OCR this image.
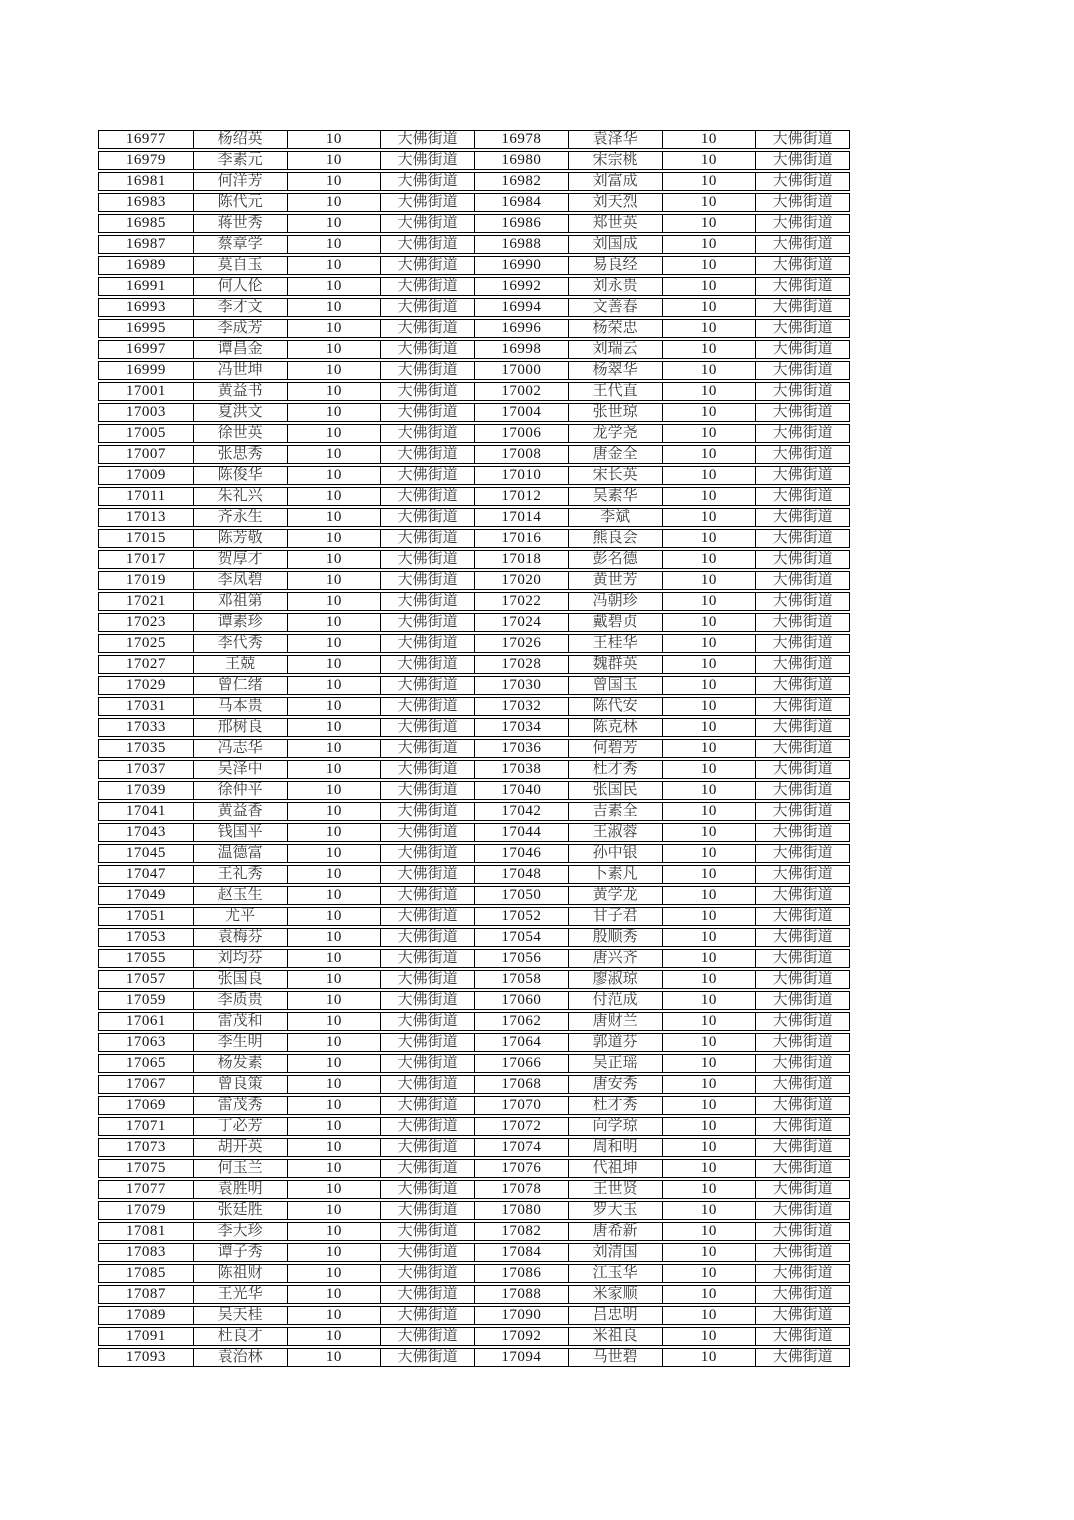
16977	杨绍英	10	大佛街道	16978	袁泽华	10	大佛街道
16979	李素元	10	大佛街道	16980	宋宗桃	10	大佛街道
16981	何洋芳	10	大佛街道	16982	刘富成	10	大佛街道
16983	陈代元	10	大佛街道	16984	刘天烈	10	大佛街道
16985	蒋世秀	10	大佛街道	16986	郑世英	10	大佛街道
16987	蔡章学	10	大佛街道	16988	刘国成	10	大佛街道
16989	莫自玉	10	大佛街道	16990	易良经	10	大佛街道
16991	何人伦	10	大佛街道	16992	刘永贵	10	大佛街道
16993	李才文	10	大佛街道	16994	文善春	10	大佛街道
16995	李成芳	10	大佛街道	16996	杨荣忠	10	大佛街道
16997	谭昌金	10	大佛街道	16998	刘瑞云	10	大佛街道
16999	冯世坤	10	大佛街道	17000	杨翠华	10	大佛街道
17001	黄益书	10	大佛街道	17002	王代直	10	大佛街道
17003	夏洪文	10	大佛街道	17004	张世琼	10	大佛街道
17005	徐世英	10	大佛街道	17006	龙学尧	10	大佛街道
17007	张思秀	10	大佛街道	17008	唐金全	10	大佛街道
17009	陈俊华	10	大佛街道	17010	宋长英	10	大佛街道
17011	朱礼兴	10	大佛街道	17012	吴素华	10	大佛街道
17013	齐永生	10	大佛街道	17014	李斌	10	大佛街道
17015	陈芳敬	10	大佛街道	17016	熊良会	10	大佛街道
17017	贺厚才	10	大佛街道	17018	彭名德	10	大佛街道
17019	李凤碧	10	大佛街道	17020	黄世芳	10	大佛街道
17021	邓祖第	10	大佛街道	17022	冯朝珍	10	大佛街道
17023	谭素珍	10	大佛街道	17024	戴碧贞	10	大佛街道
17025	李代秀	10	大佛街道	17026	王桂华	10	大佛街道
17027	王兢	10	大佛街道	17028	魏群英	10	大佛街道
17029	曾仁绪	10	大佛街道	17030	曾国玉	10	大佛街道
17031	马本贵	10	大佛街道	17032	陈代安	10	大佛街道
17033	邢树良	10	大佛街道	17034	陈克林	10	大佛街道
17035	冯志华	10	大佛街道	17036	何碧芳	10	大佛街道
17037	吴泽中	10	大佛街道	17038	杜才秀	10	大佛街道
17039	徐仲平	10	大佛街道	17040	张国民	10	大佛街道
17041	黄益香	10	大佛街道	17042	吉素全	10	大佛街道
17043	钱国平	10	大佛街道	17044	王淑蓉	10	大佛街道
17045	温德富	10	大佛街道	17046	孙中银	10	大佛街道
17047	王礼秀	10	大佛街道	17048	卜素凡	10	大佛街道
17049	赵玉生	10	大佛街道	17050	黄学龙	10	大佛街道
17051	尤平	10	大佛街道	17052	甘子君	10	大佛街道
17053	袁梅芬	10	大佛街道	17054	殷顺秀	10	大佛街道
17055	刘均芬	10	大佛街道	17056	唐兴齐	10	大佛街道
17057	张国良	10	大佛街道	17058	廖淑琼	10	大佛街道
17059	李质贵	10	大佛街道	17060	付范成	10	大佛街道
17061	雷茂和	10	大佛街道	17062	唐财兰	10	大佛街道
17063	李生明	10	大佛街道	17064	郭道芬	10	大佛街道
17065	杨发素	10	大佛街道	17066	吴正瑶	10	大佛街道
17067	曾良策	10	大佛街道	17068	唐安秀	10	大佛街道
17069	雷茂秀	10	大佛街道	17070	杜才秀	10	大佛街道
17071	丁必芳	10	大佛街道	17072	向学琼	10	大佛街道
17073	胡开英	10	大佛街道	17074	周和明	10	大佛街道
17075	何玉兰	10	大佛街道	17076	代祖坤	10	大佛街道
17077	袁胜明	10	大佛街道	17078	王世贤	10	大佛街道
17079	张廷胜	10	大佛街道	17080	罗大玉	10	大佛街道
17081	李大珍	10	大佛街道	17082	唐希新	10	大佛街道
17083	谭子秀	10	大佛街道	17084	刘清国	10	大佛街道
17085	陈祖财	10	大佛街道	17086	江玉华	10	大佛街道
17087	王光华	10	大佛街道	17088	米家顺	10	大佛街道
17089	吴天桂	10	大佛街道	17090	吕忠明	10	大佛街道
17091	杜良才	10	大佛街道	17092	米祖良	10	大佛街道
17093	袁治林	10	大佛街道	17094	马世碧	10	大佛街道
